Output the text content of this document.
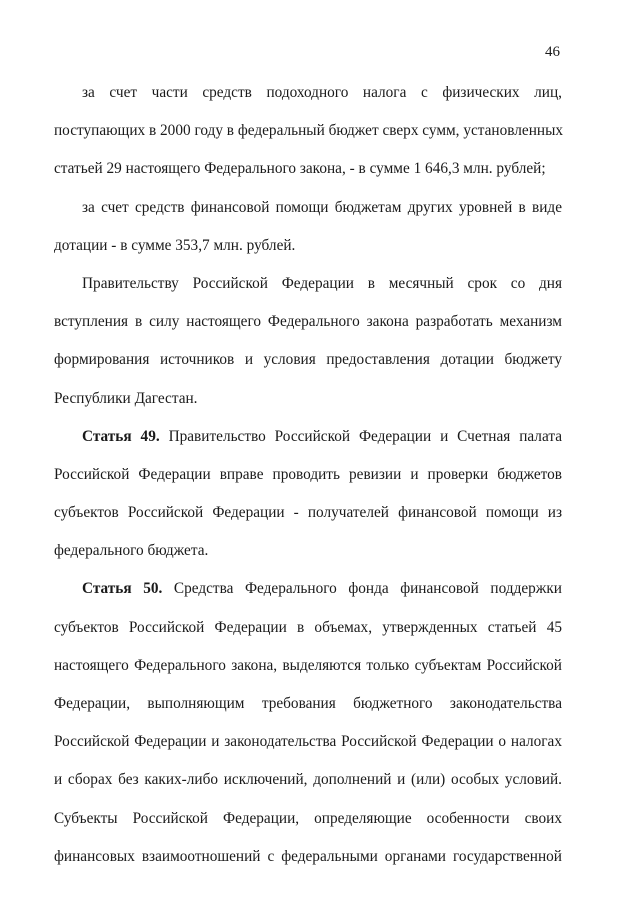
46
за счет части средств подоходного налога с физических лиц,
поступающих в 2000 году в федеральный бюджет сверх сумм, установленных
статьей 29 настоящего Федерального закона, - в сумме 1 646,3 млн. рублей;
за счет средств финансовой помощи бюджетам других уровней в виде
дотации - в сумме 353,7 млн. рублей.
Правительству Российской Федерации в месячный срок со дня
вступления в силу настоящего Федерального закона разработать механизм
формирования источников и условия предоставления дотации бюджету
Республики Дагестан.
Статья 49. Правительство Российской Федерации и Счетная палата
Российской Федерации вправе проводить ревизии и проверки бюджетов
субъектов Российской Федерации - получателей финансовой помощи из
федерального бюджета.
Статья 50. Средства Федерального фонда финансовой поддержки
субъектов Российской Федерации в объемах, утвержденных статьей 45
настоящего Федерального закона, выделяются только субъектам Российской
Федерации, выполняющим требования бюджетного законодательства
Российской Федерации и законодательства Российской Федерации о налогах
и сборах без каких-либо исключений, дополнений и (или) особых условий.
Субъекты Российской Федерации, определяющие особенности своих
финансовых взаимоотношений с федеральными органами государственной
